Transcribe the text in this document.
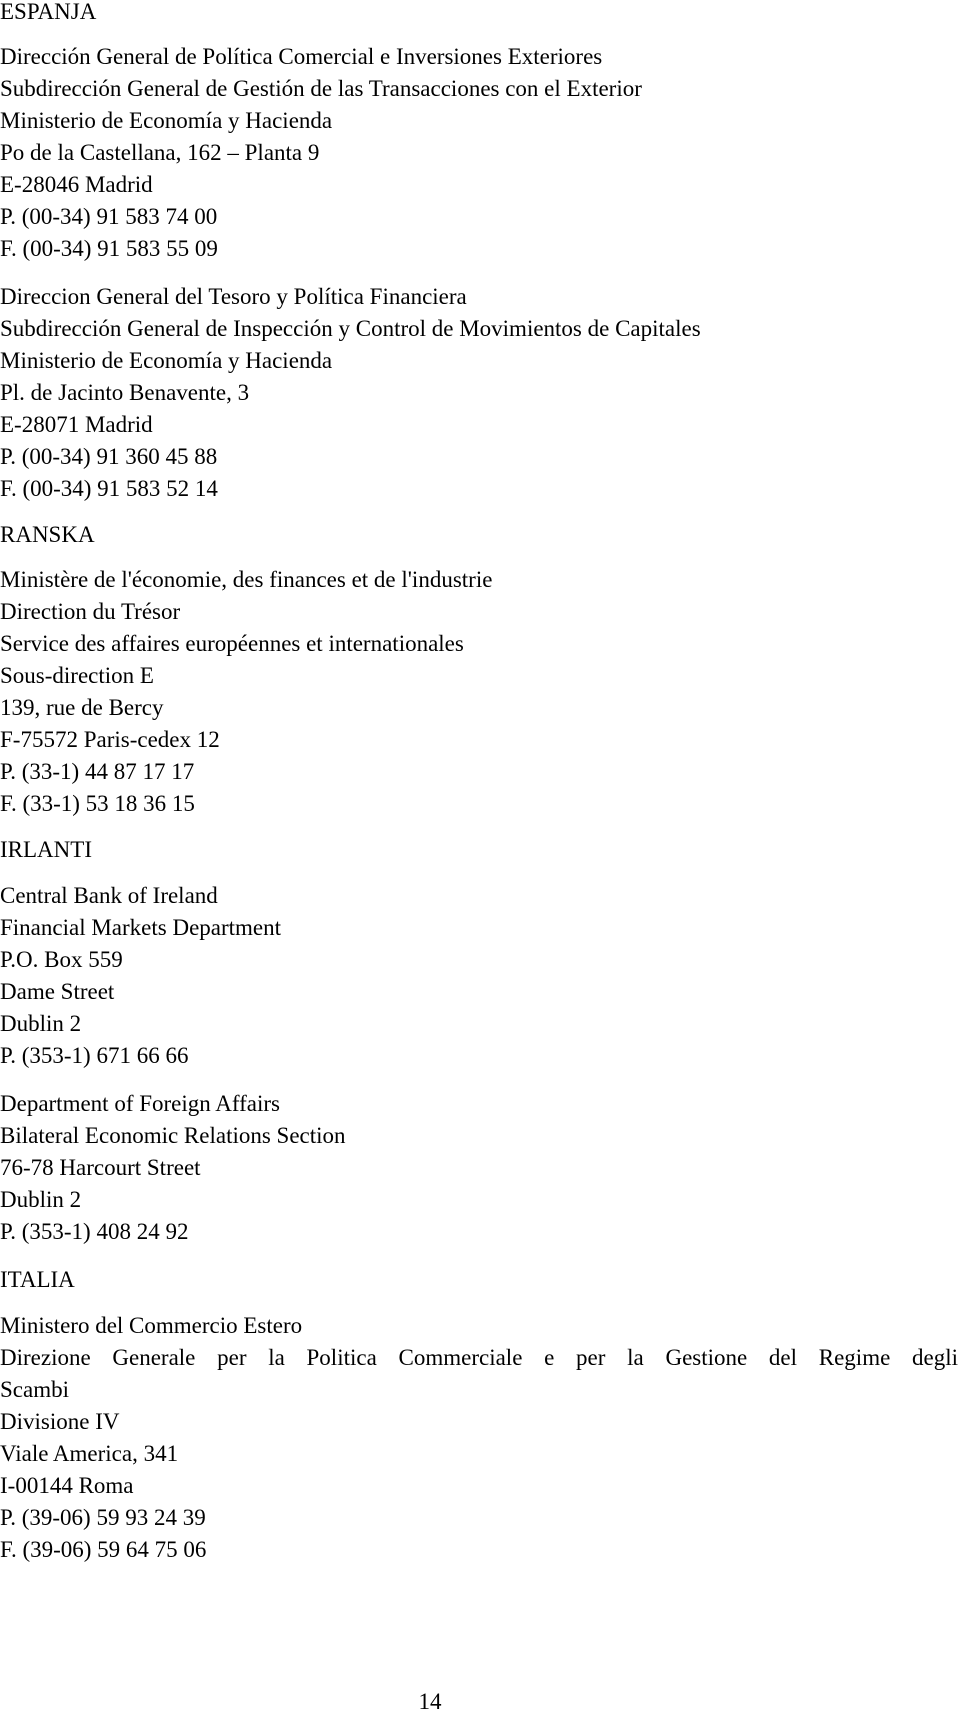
ESPANJA
Dirección General de Política Comercial e Inversiones Exteriores
Subdirección General de Gestión de las Transacciones con el Exterior
Ministerio de Economía y Hacienda
Po de la Castellana, 162 – Planta 9
E-28046 Madrid
P. (00-34) 91 583 74 00
F. (00-34) 91 583 55 09
Direccion General del Tesoro y Política Financiera
Subdirección General de Inspección y Control de Movimientos de Capitales
Ministerio de Economía y Hacienda
Pl. de Jacinto Benavente, 3
E-28071 Madrid
P. (00-34) 91 360 45 88
F. (00-34) 91 583 52 14
RANSKA
Ministère de l'économie, des finances et de l'industrie
Direction du Trésor
Service des affaires européennes et internationales
Sous-direction E
139, rue de Bercy
F-75572 Paris-cedex 12
P. (33-1) 44 87 17 17
F. (33-1) 53 18 36 15
IRLANTI
Central Bank of Ireland
Financial Markets Department
P.O. Box 559
Dame Street
Dublin 2
P. (353-1) 671 66 66
Department of Foreign Affairs
Bilateral Economic Relations Section
76-78 Harcourt Street
Dublin 2
P. (353-1) 408 24 92
ITALIA
Ministero del Commercio Estero
Direzione Generale per la Politica Commerciale e per la Gestione del Regime degli
Scambi
Divisione IV
Viale America, 341
I-00144 Roma
P. (39-06) 59 93 24 39
F. (39-06) 59 64 75 06
14
